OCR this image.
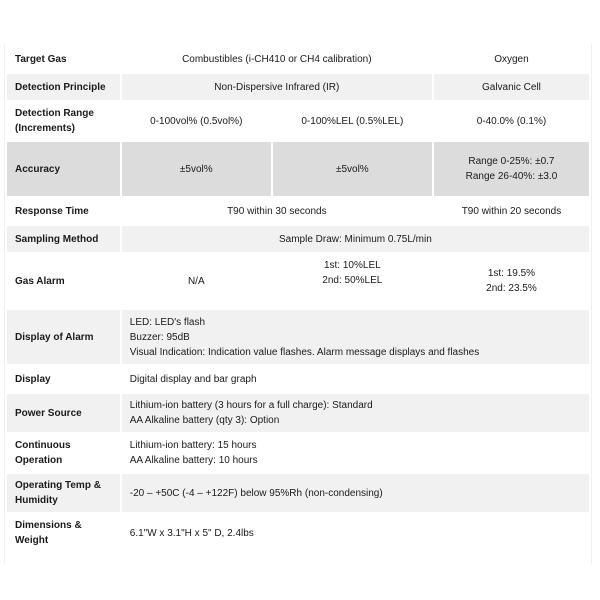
Target Gas	Combustibles (i-CH410 or CH4 calibration)		Oxygen

Detection Principle	Non-Dispersive Infrared (IR)		Galvanic Cell

Detection Range (Increments)	0-100vol% (0.5vol%)	0-100%LEL (0.5%LEL)	0-40.0% (0.1%)

Accuracy	±5vol%	±5vol%	Range 0-25%: ±0.7
Range 26-40%: ±3.0

Response Time	T90 within 30 seconds		T90 within 20 seconds

Sampling Method	Sample Draw: Minimum 0.75L/min		

Gas Alarm	N/A	1st: 10%LEL
2nd: 50%LEL	1st: 19.5%
2nd: 23.5%

Display of Alarm	LED: LED's flash
Buzzer: 95dB
Visual Indication: Indication value flashes. Alarm message displays and flashes		

Display	Digital display and bar graph		

Power Source	Lithium-ion battery (3 hours for a full charge): Standard
AA Alkaline battery (qty 3): Option		

Continuous Operation	Lithium-ion battery: 15 hours
AA Alkaline battery: 10 hours		

Operating Temp & Humidity	-20 – +50C (-4 – +122F) below 95%Rh (non-condensing)		

Dimensions & Weight	6.1"W x 3.1"H x 5" D, 2.4lbs		
